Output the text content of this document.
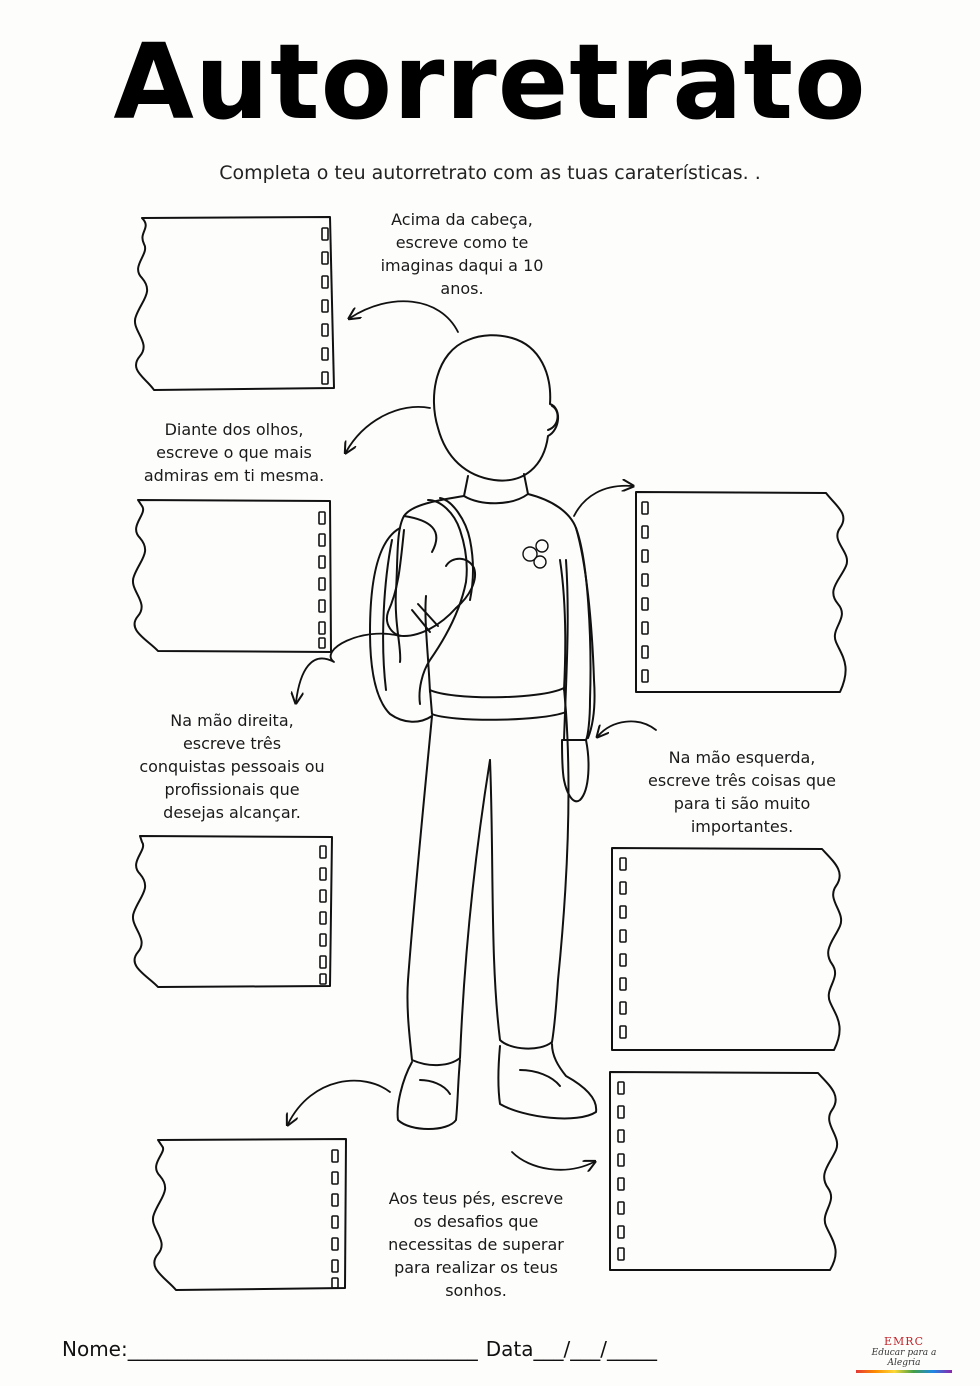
Autorretrato
Completa o teu autorretrato com as tuas caraterísticas. .
Acima da cabeça,
escreve como te
imaginas daqui a 10
anos.
Diante dos olhos,
escreve o que mais
admiras em ti mesma.
Na mão direita,
escreve três
conquistas pessoais ou
profissionais que
desejas alcançar.
Na mão esquerda,
escreve três coisas que
para ti são muito
importantes.
Aos teus pés, escreve
os desafios que
necessitas de superar
para realizar os teus
sonhos.
Nome:___________________________________ Data___/___/_____	EMRC
Educar para a Alegria
